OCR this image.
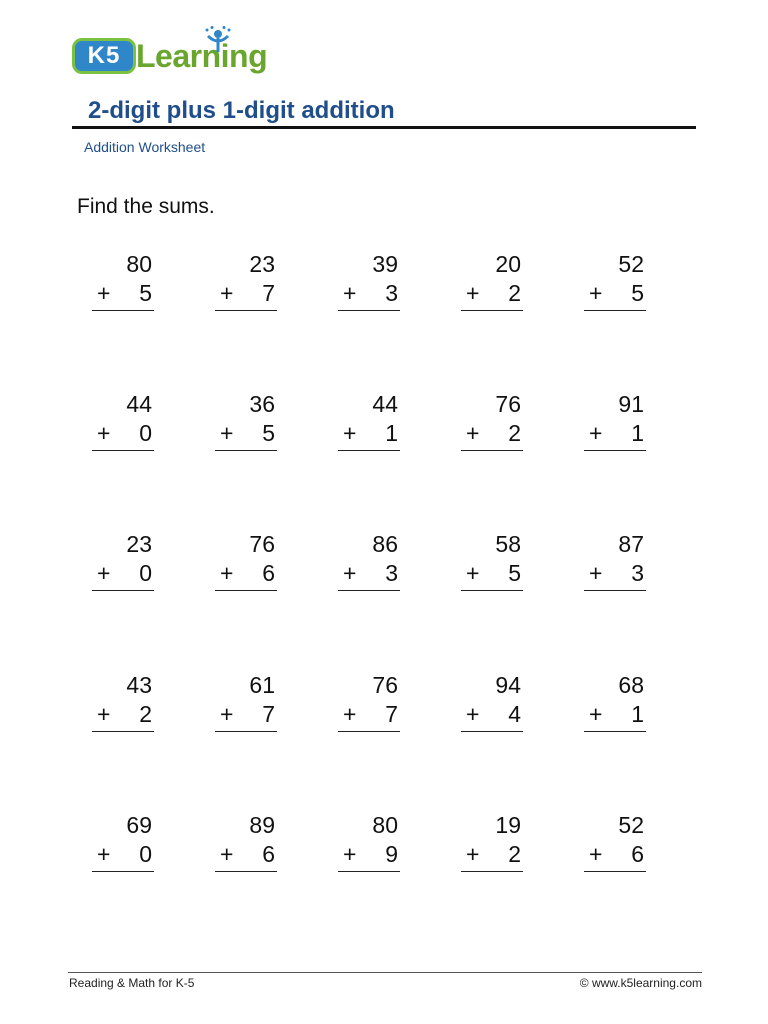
K5 Learning
2-digit plus 1-digit addition
Addition Worksheet
Find the sums.
80
+ 5
23
+ 7
39
+ 3
20
+ 2
52
+ 5
44
+ 0
36
+ 5
44
+ 1
76
+ 2
91
+ 1
23
+ 0
76
+ 6
86
+ 3
58
+ 5
87
+ 3
43
+ 2
61
+ 7
76
+ 7
94
+ 4
68
+ 1
69
+ 0
89
+ 6
80
+ 9
19
+ 2
52
+ 6
Reading & Math for K-5	© www.k5learning.com
